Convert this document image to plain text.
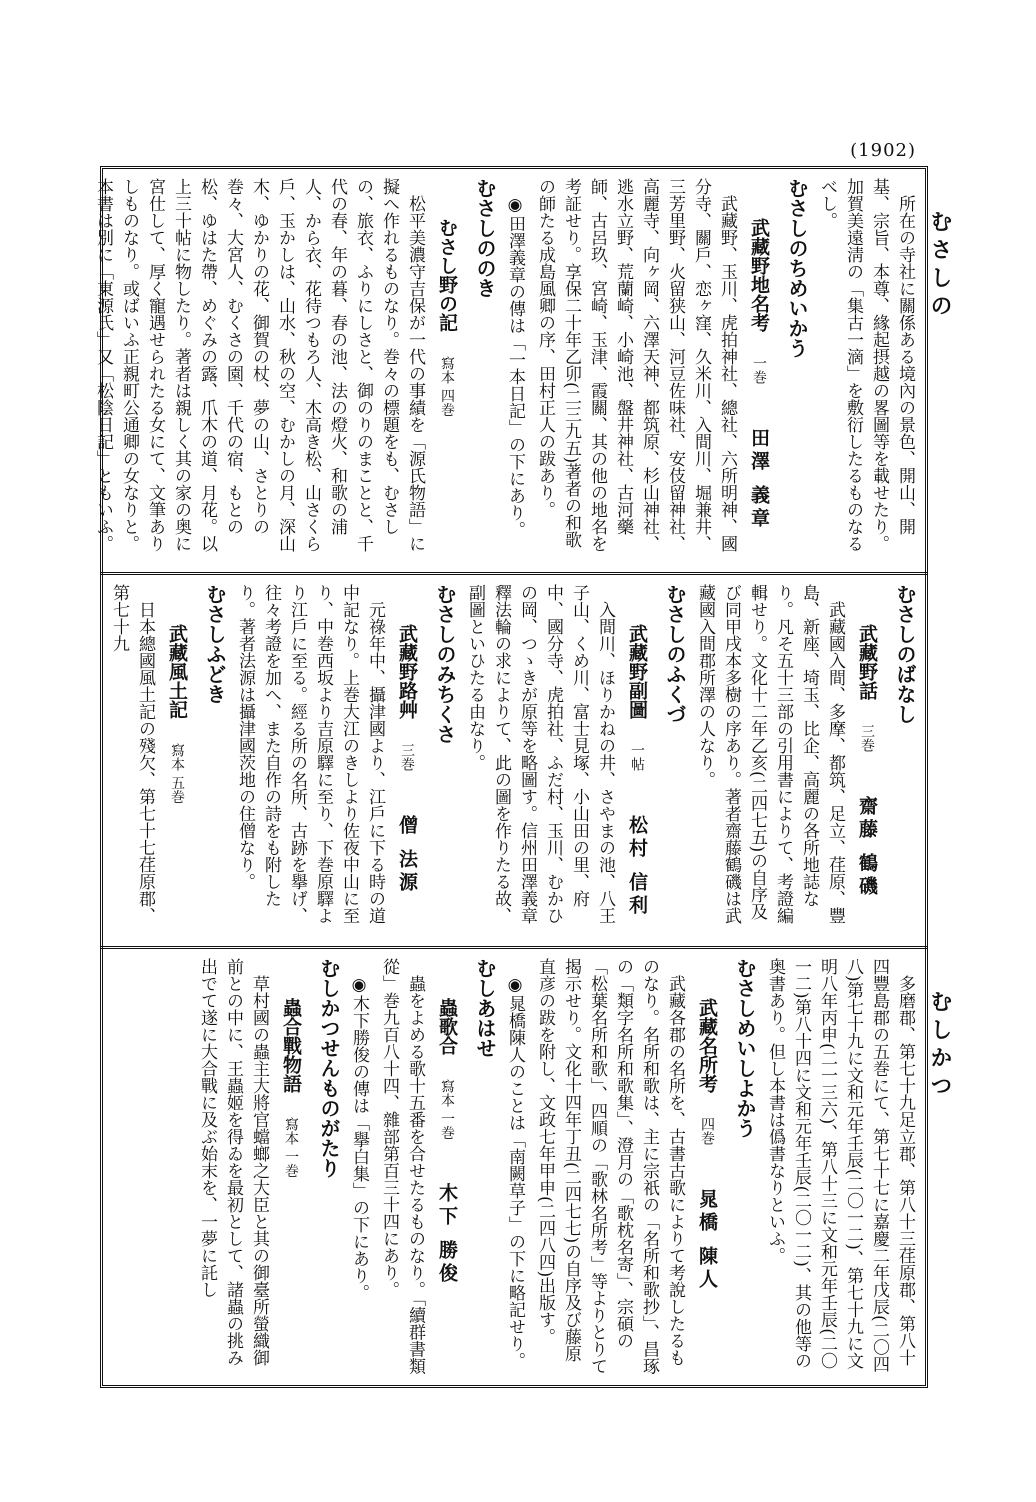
(1902)
むさしの
むしかつ
所在の寺社に關係ある境內の景色、開山、開基、宗旨、本尊、緣起摂越の畧圖等を載せたり。加賀美遠淸の「集古一滴」を敷衍したるものなるべし。
むさしのちめいかう
武藏野地名考一巻田澤 義章
武藏野、玉川、虎拍神社、總社、六所明神、國分寺、關戶、恋ヶ窪、久米川、入間川、堀兼井、三芳里野、火留狭山、河豆佐味社、安伎留神社、高麗寺、向ヶ岡、六澤天神、都筑原、杉山神社、逃水立野、荒蘭崎、小崎池、盤井神社、古河藥師、古呂玖、宮崎、玉津、霞關、其の他の地名を考証せり。享保二十年乙卯(二三九五)著者の和歌の師たる成島風卿の序、田村正人の跋あり。
◉田澤義章の傳は「一本日記」の下にあり。
むさしののき
むさし野の記寫本 四巻
松平美濃守吉保が一代の事績を「源氏物語」に擬へ作れるものなり。巻々の標題をも、むさしの、旅衣、ふりにしさと、御のりのまことと、千代の春、年の暮、春の池、法の燈火、和歌の浦人、から衣、花待つもろ人、木高き松、山さくら戶、玉かしは、山水、秋の空、むかしの月、深山木、ゆかりの花、御賀の杖、夢の山、さとりの巻々、大宮人、むくさの園、千代の宿、もとの松、ゆはた帶、めぐみの露、爪木の道、月花。以上三十帖に物したり。著者は親しく其の家の奥に宮仕して、厚く寵遇せられたる女にて、文筆ありしものなり。或ばいふ正親町公通卿の女なりと。本書は別に「東源氏」又「松陰日記」ともいふ。
むさしのばなし
武藏野話三巻齋藤 鶴磯
武藏國入間、多摩、都筑、足立、荏原、豐島、新座、埼玉、比企、高麗の各所地誌なり。凡そ五十三部の引用書によりて、考證編輯せり。文化十二年乙亥(二四七五)の自序及び同甲戌本多樹の序あり。著者齋藤鶴磯は武藏國入間郡所澤の人なり。
むさしのふくづ
武藏野副圖一帖松村 信利
入間川、ほりかねの井、さやまの池、八王子山、くめ川、富士見塚、小山田の里、府中、國分寺、虎拍社、ふだ村、玉川、むかひの岡、つゝきが原等を略圖す。信州田澤義章釋法輪の求によりて、此の圖を作りたる故、副圖といひたる由なり。
むさしのみちくさ
武藏野路艸三巻僧 法源
元祿年中、攝津國より、江戶に下る時の道中記なり。上巻大江のきしより佐夜中山に至り、中巻西坂より吉原驛に至り、下巻原驛より江戶に至る。經る所の名所、古跡を擧げ、往々考證を加へ、また自作の詩をも附したり。著者法源は攝津國茨地の住僧なり。
むさしふどき
武藏風土記寫本 五巻
日本總國風土記の殘欠、第七十七荏原郡、第七十九
多磨郡、第七十九足立郡、第八十三荏原郡、第八十四豐島郡の五巻にて、第七十七に嘉慶二年戊辰(二〇四八)第七十九に文和元年壬辰(二〇一二)、第七十九に文明八年丙申(二一三六)、第八十三に文和元年壬辰(二〇一二)第八十四に文和元年壬辰(二〇一二)、其の他等の奥書あり。但し本書は僞書なりといふ。
むさしめいしよかう
武藏名所考四巻晁橋 陳人
武藏各郡の名所を、古書古歌によりて考說したるものなり。名所和歌は、主に宗祇の「名所和歌抄」、昌琢の「類字名所和歌集」、澄月の「歌枕名寄」、宗碩の「松葉名所和歌」、四順の「歌林名所考」等よりとりて揭示せり。文化十四年丁丑(二四七七)の自序及び藤原直彦の跋を附し、文政七年甲申(二四八四)出版す。
◉晁橋陳人のことは「南闕草子」の下に略記せり。
むしあはせ
蟲歌合寫本 一巻木下 勝俊
蟲をよめる歌十五番を合せたるものなり。「續群書類從」巻九百八十四、雜部第百三十四にあり。
◉木下勝俊の傳は「擧白集」の下にあり。
むしかつせんものがたり
蟲合戰物語寫本 一巻
草村國の蟲主大將官蟷螂之大臣と其の御臺所螢織御前との中に、王蟲姬を得ゐを最初として、諸蟲の挑み出でて遂に大合戰に及ぶ始末を、一夢に託し
